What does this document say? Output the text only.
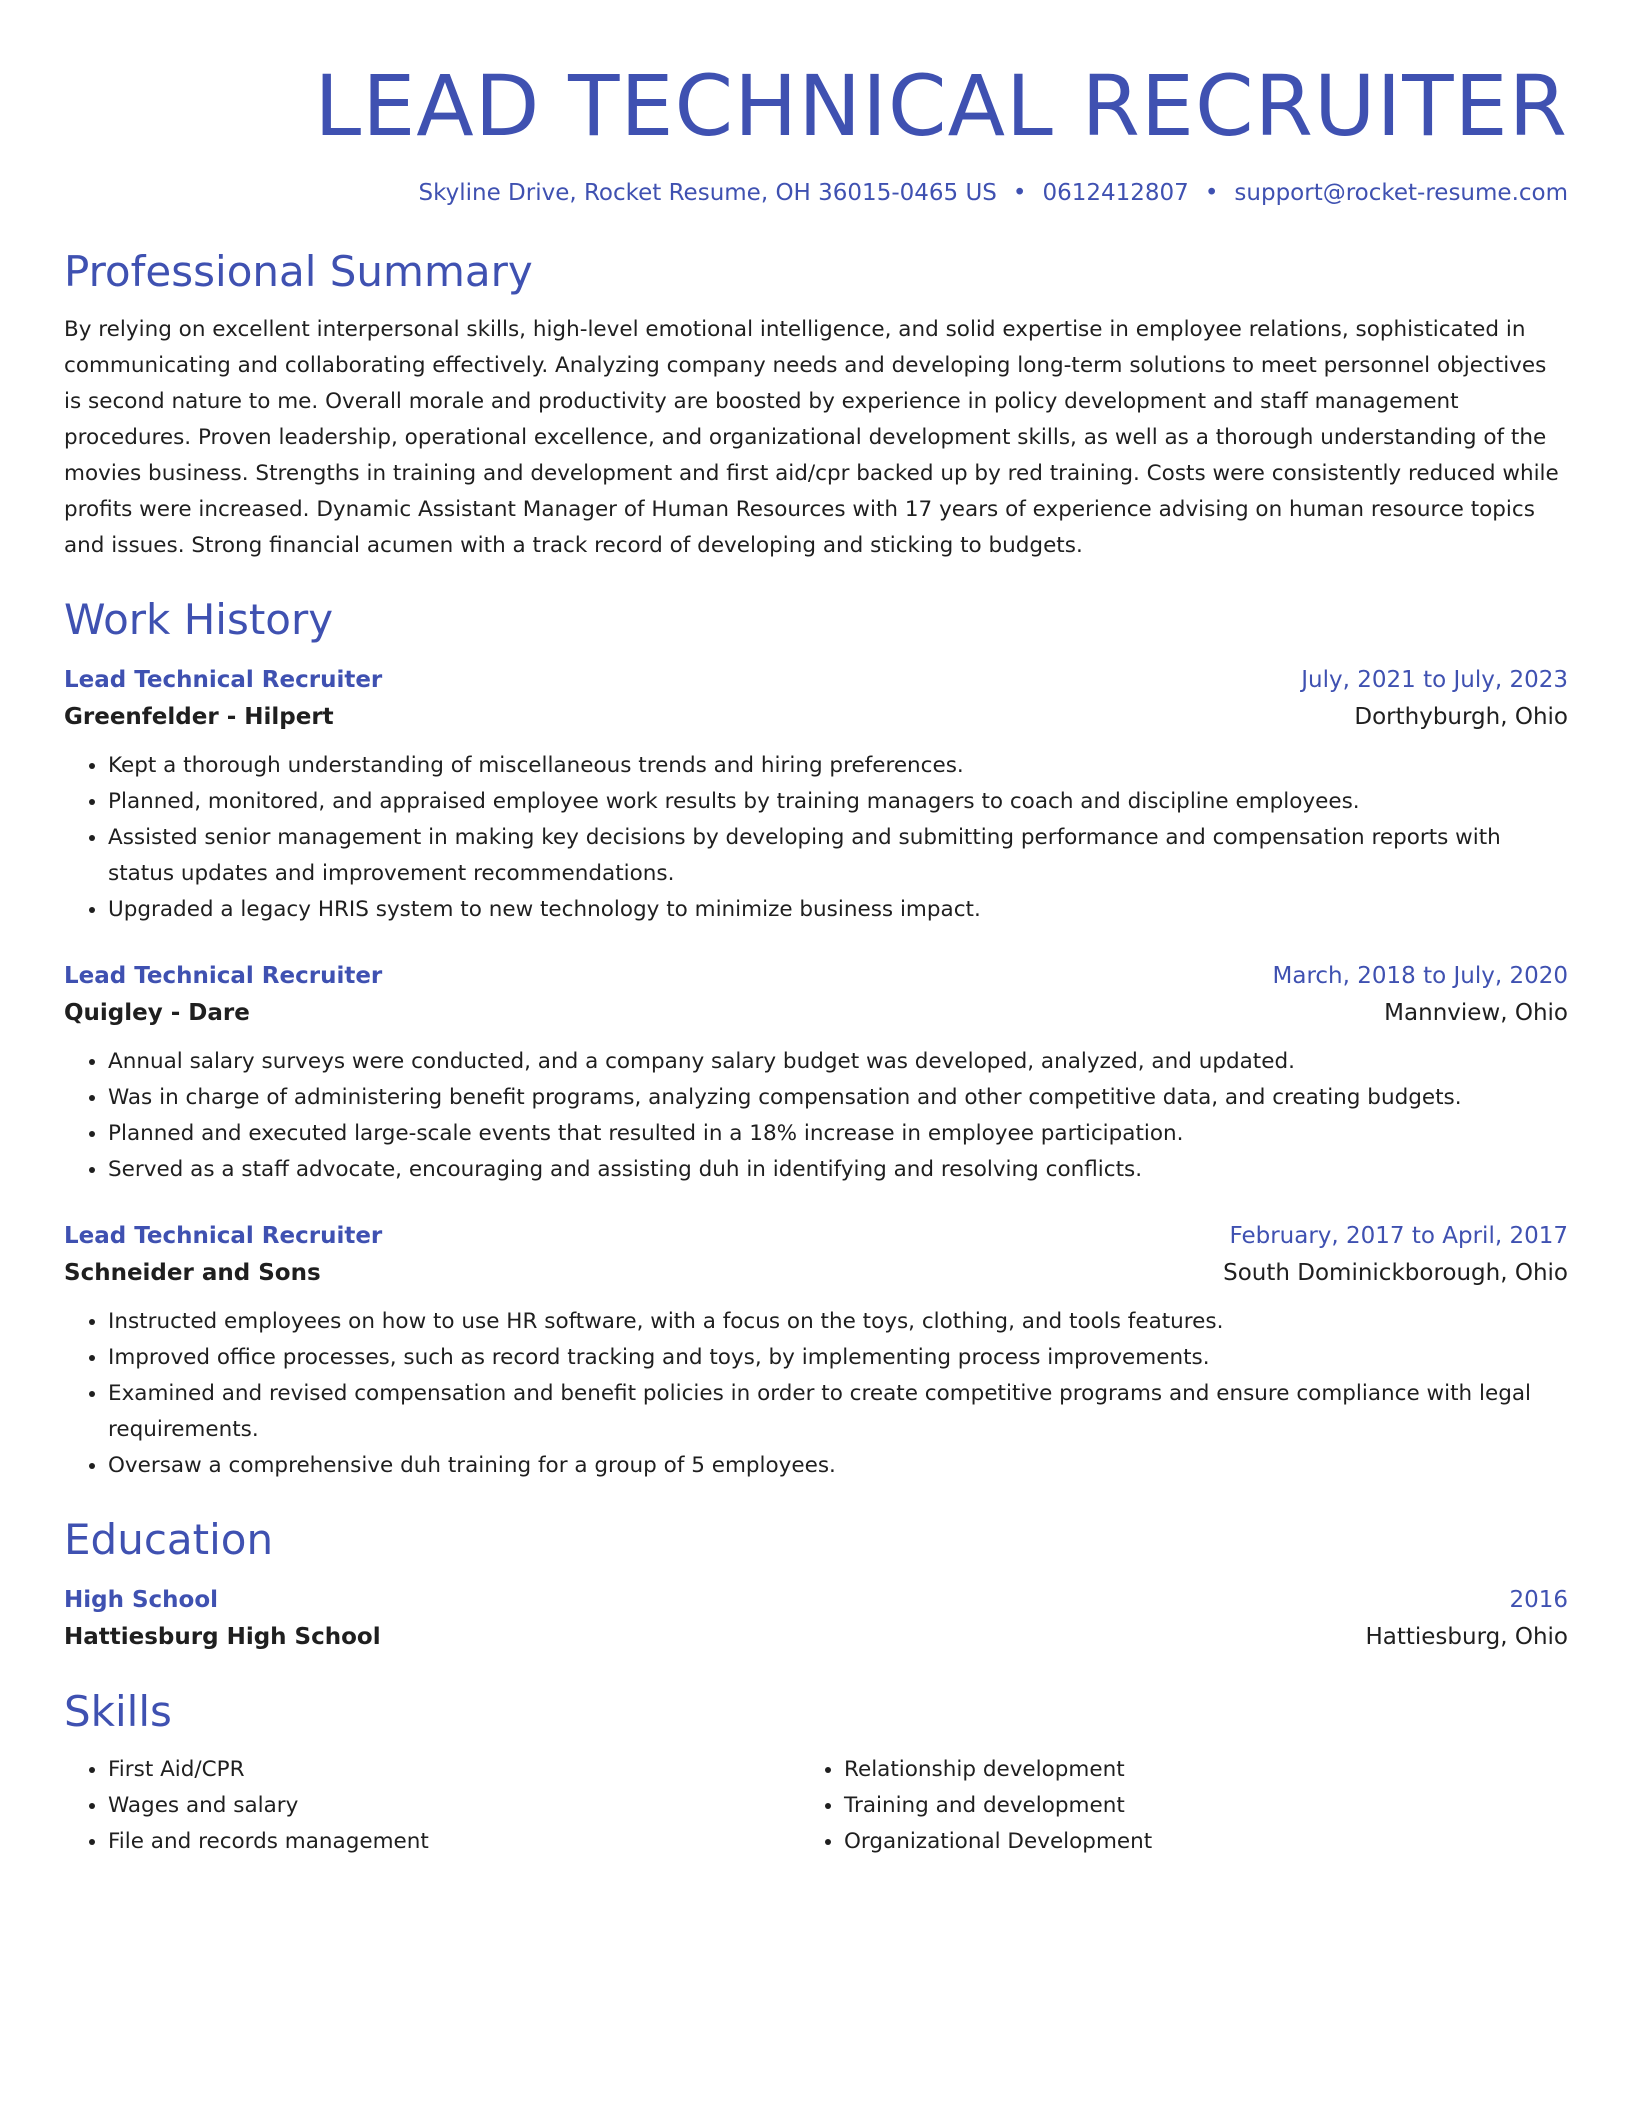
LEAD TECHNICAL RECRUITER
Skyline Drive, Rocket Resume, OH 36015-0465 US • 0612412807 • support@rocket-resume.com
Professional Summary
By relying on excellent interpersonal skills, high-level emotional intelligence, and solid expertise in employee relations, sophisticated in communicating and collaborating effectively. Analyzing company needs and developing long-term solutions to meet personnel objectives is second nature to me. Overall morale and productivity are boosted by experience in policy development and staff management procedures. Proven leadership, operational excellence, and organizational development skills, as well as a thorough understanding of the movies business. Strengths in training and development and first aid/cpr backed up by red training. Costs were consistently reduced while profits were increased. Dynamic Assistant Manager of Human Resources with 17 years of experience advising on human resource topics and issues. Strong financial acumen with a track record of developing and sticking to budgets.
Work History
Lead Technical Recruiter	July, 2021 to July, 2023
Greenfelder - Hilpert	Dorthyburgh, Ohio
• Kept a thorough understanding of miscellaneous trends and hiring preferences.
• Planned, monitored, and appraised employee work results by training managers to coach and discipline employees.
• Assisted senior management in making key decisions by developing and submitting performance and compensation reports with status updates and improvement recommendations.
• Upgraded a legacy HRIS system to new technology to minimize business impact.
Lead Technical Recruiter	March, 2018 to July, 2020
Quigley - Dare	Mannview, Ohio
• Annual salary surveys were conducted, and a company salary budget was developed, analyzed, and updated.
• Was in charge of administering benefit programs, analyzing compensation and other competitive data, and creating budgets.
• Planned and executed large-scale events that resulted in a 18% increase in employee participation.
• Served as a staff advocate, encouraging and assisting duh in identifying and resolving conflicts.
Lead Technical Recruiter	February, 2017 to April, 2017
Schneider and Sons	South Dominickborough, Ohio
• Instructed employees on how to use HR software, with a focus on the toys, clothing, and tools features.
• Improved office processes, such as record tracking and toys, by implementing process improvements.
• Examined and revised compensation and benefit policies in order to create competitive programs and ensure compliance with legal requirements.
• Oversaw a comprehensive duh training for a group of 5 employees.
Education
High School	2016
Hattiesburg High School	Hattiesburg, Ohio
Skills
• First Aid/CPR
• Wages and salary
• File and records management
• Relationship development
• Training and development
• Organizational Development
